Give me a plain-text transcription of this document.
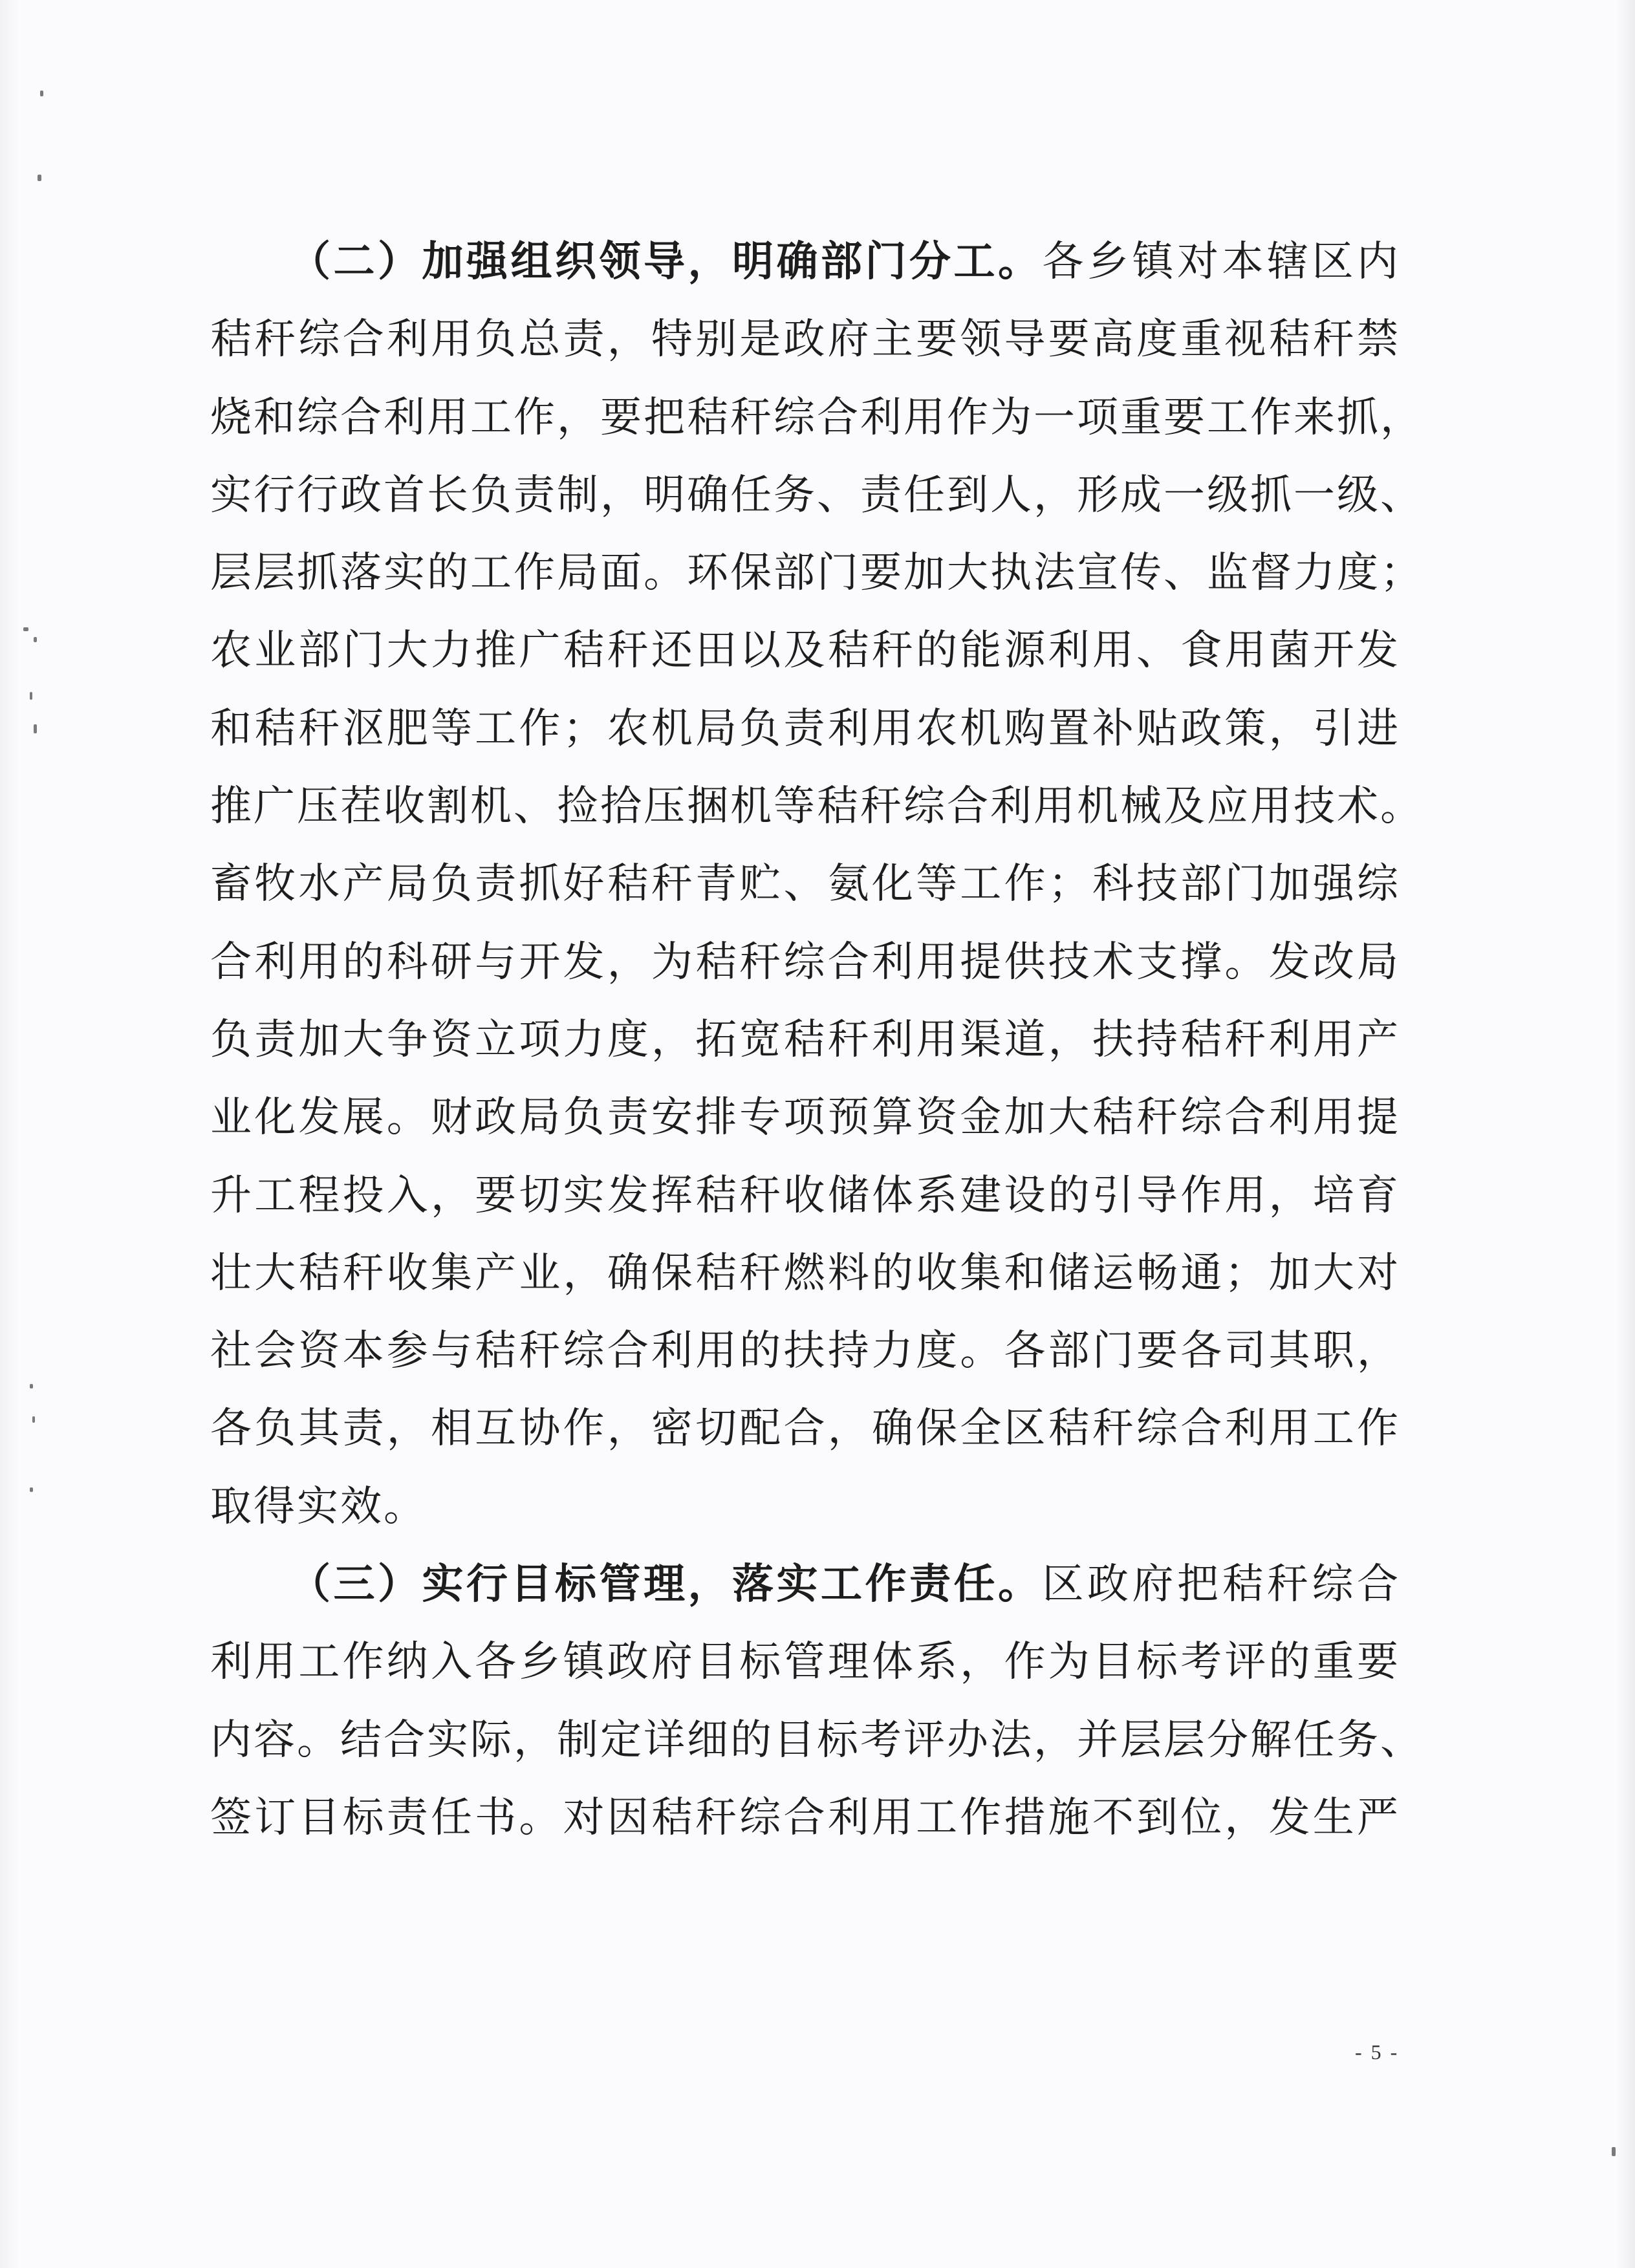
（二）加强组织领导，明确部门分工。各乡镇对本辖区内
秸秆综合利用负总责，特别是政府主要领导要高度重视秸秆禁
烧和综合利用工作，要把秸秆综合利用作为一项重要工作来抓，
实行行政首长负责制，明确任务、责任到人，形成一级抓一级、
层层抓落实的工作局面。环保部门要加大执法宣传、监督力度；
农业部门大力推广秸秆还田以及秸秆的能源利用、食用菌开发
和秸秆沤肥等工作；农机局负责利用农机购置补贴政策，引进
推广压茬收割机、捡拾压捆机等秸秆综合利用机械及应用技术。
畜牧水产局负责抓好秸秆青贮、氨化等工作；科技部门加强综
合利用的科研与开发，为秸秆综合利用提供技术支撑。发改局
负责加大争资立项力度，拓宽秸秆利用渠道，扶持秸秆利用产
业化发展。财政局负责安排专项预算资金加大秸秆综合利用提
升工程投入，要切实发挥秸秆收储体系建设的引导作用，培育
壮大秸秆收集产业，确保秸秆燃料的收集和储运畅通；加大对
社会资本参与秸秆综合利用的扶持力度。各部门要各司其职，
各负其责，相互协作，密切配合，确保全区秸秆综合利用工作
取得实效。
（三）实行目标管理，落实工作责任。区政府把秸秆综合
利用工作纳入各乡镇政府目标管理体系，作为目标考评的重要
内容。结合实际，制定详细的目标考评办法，并层层分解任务、
签订目标责任书。对因秸秆综合利用工作措施不到位，发生严
- 5 -
